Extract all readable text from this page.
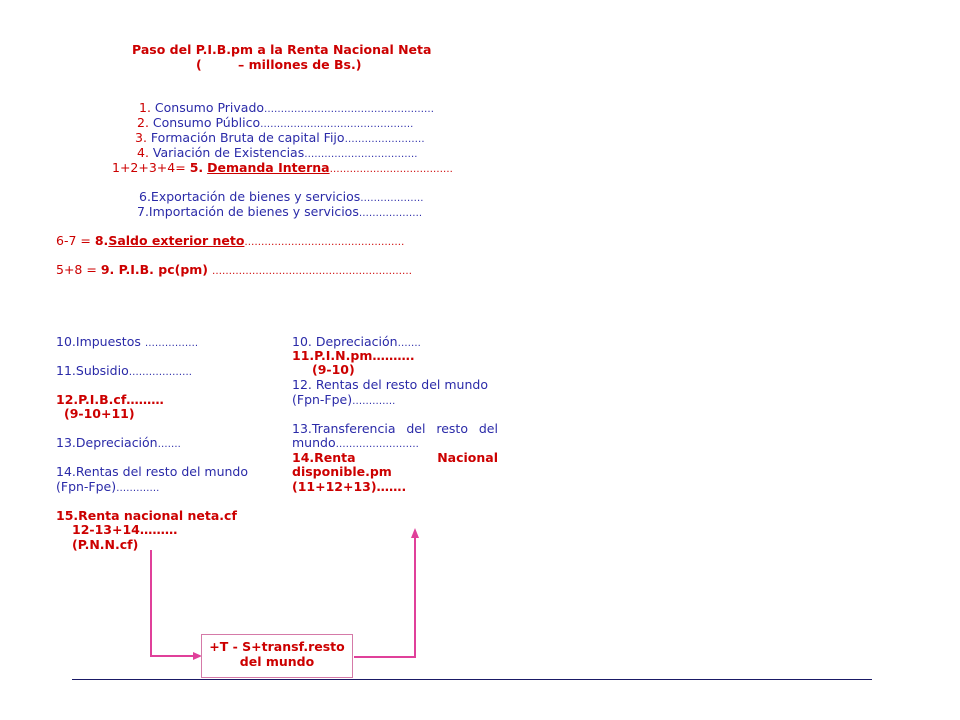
Paso del P.I.B.pm a la Renta Nacional Neta
(	– millones de Bs.)
1. Consumo Privado……………………………………………
2. Consumo Público……………………………………….
3. Formación Bruta de capital Fijo……………………
4. Variación de Existencias…………………………….
1+2+3+4= 5. Demanda Interna……………………………….
6.Exportación de bienes y servicios……………….
7.Importación de bienes y servicios……………….
6-7 = 8.Saldo exterior neto…………………………………………
5+8 = 9. P.I.B. pc(pm) ……………………………………………………
10.Impuestos …………….
11.Subsidio……………….
12.P.I.B.cf………
(9-10+11)
13.Depreciación…….
14.Rentas del resto del mundo
(Fpn-Fpe)………….
15.Renta nacional neta.cf
12-13+14………
(P.N.N.cf)
10. Depreciación…….
11.P.I.N.pm……….
(9-10)
12. Rentas del resto del mundo
(Fpn-Fpe)………….
13.Transferencia del resto del
mundo…………………….
14.Renta	Nacional
disponible.pm
(11+12+13)…….
+T - S+transf.resto
del mundo
